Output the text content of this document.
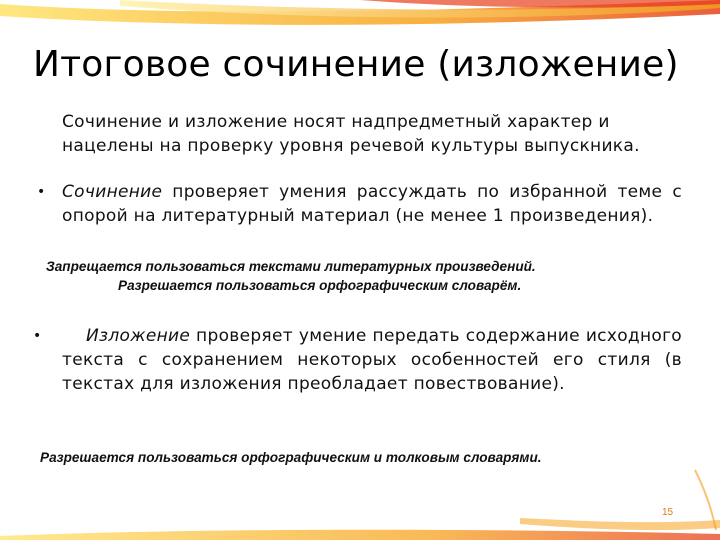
Итоговое сочинение (изложение)

Сочинение и изложение носят надпредметный характер и нацелены на проверку уровня речевой культуры выпускника.

• Сочинение проверяет умения рассуждать по избранной теме с опорой на литературный материал (не менее 1 произведения).

Запрещается пользоваться текстами литературных произведений.

Разрешается пользоваться орфографическим словарём.

•	Изложение проверяет умение передать содержание исходного текста с сохранением некоторых особенностей его стиля (в текстах для изложения преобладает повествование).

Разрешается пользоваться орфографическим и толковым словарями.

15
